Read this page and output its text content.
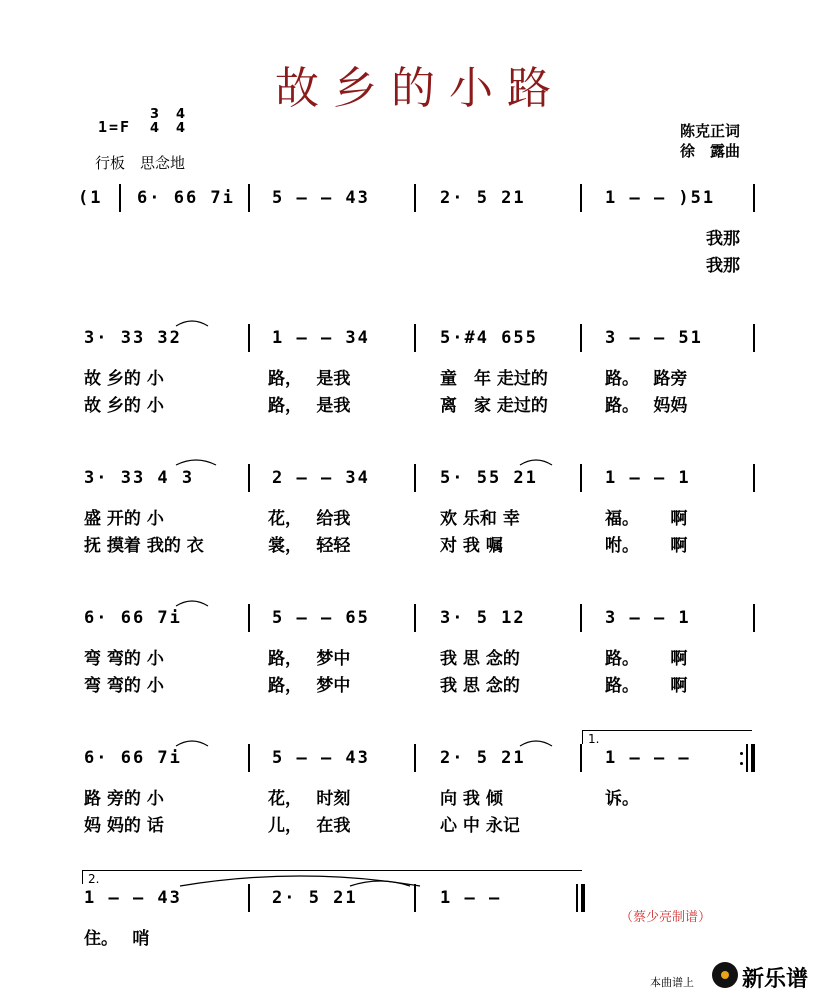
故乡的小路
1=F
3
4
4
4
行板　思念地
陈克正词
徐　露曲
(1 6· 66 7i 5 — — 43	2· 5 21	1 — — )51
我那
我那
3· 33 32	1 — — 34	5·#4 655	3 — — 51
故 乡的 小	路，　 是我	童　年 走过的	路。　 路旁
故 乡的 小	路，　 是我	离　家 走过的	路。　 妈妈
3· 33 4 3	2 — — 34	5· 55 21	1 — — 1
盛 开的 小	花，　 给我	欢 乐和 幸	福。　　 啊
抚 摸着 我的 衣	裳，　 轻轻	对 我 嘱	咐。　　 啊
6· 66 7i	5 — — 65	3· 5 12	3 — — 1
弯 弯的 小	路，　 梦中	我 思 念的	路。　　 啊
弯 弯的 小	路，　 梦中	我 思 念的	路。　　 啊
6· 66 7i	5 — — 43	2· 5 21	1 — — —
路 旁的 小	花，　 时刻	向 我 倾	诉。
妈 妈的 话	儿，　 在我	心 中 永记
1.
2.
1 — — 43	2· 5 21	1 — —
住。　 哨
（蔡少亮制谱）
本曲谱上

新乐谱
